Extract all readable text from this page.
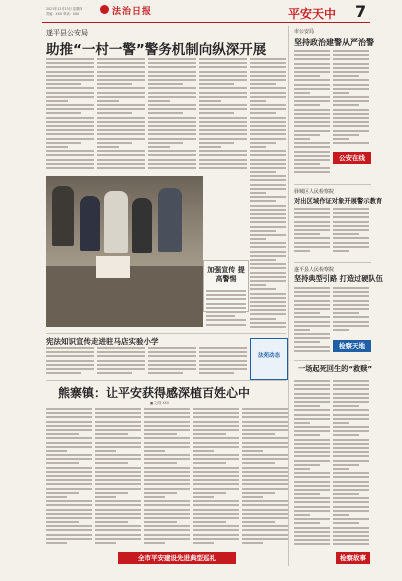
2021年12月23日 星期四
责编：XXX 审读：XXX	法治日报	平安天中 7
遂平县公安局
助推“一村一警”警务机制向纵深开展
加强宣传 提高警惕
宪法知识宣传走进驻马店实验小学
法苑动态
熊寨镇：让平安获得感深植百姓心中
■ 文/图 XXX
全市平安建设先进典型巡礼
市公安局
坚持政治建警从严治警
公安在线
驿城区人民检察院
对出区域作证对象开展警示教育
遂平县人民检察院
坚持典型引路 打造过硬队伍
检察天地
一场起死回生的“救赎”
检察故事
